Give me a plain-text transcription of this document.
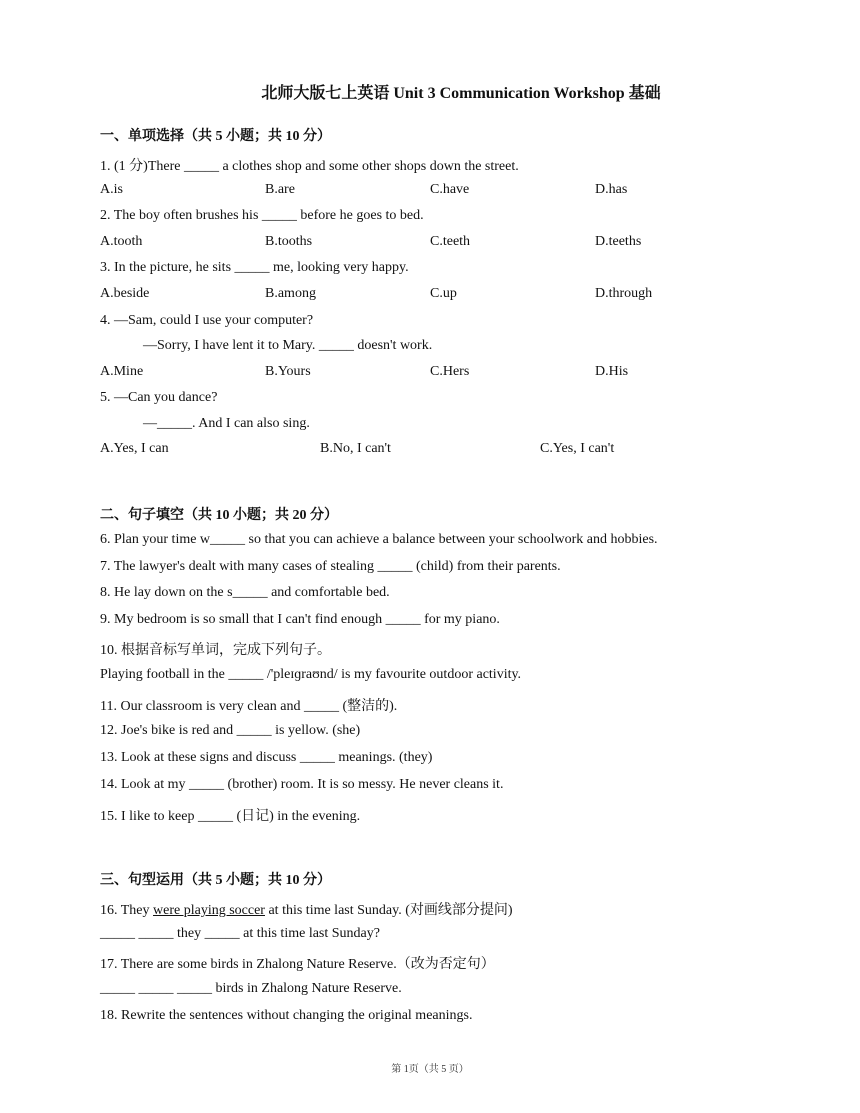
北师大版七上英语 Unit 3 Communication Workshop 基础
一、单项选择（共 5 小题；共 10 分）
1. (1 分)There _____ a clothes shop and some other shops down the street.
A.is	B.are	C.have	D.has
2. The boy often brushes his _____ before he goes to bed.
A.tooth	B.tooths	C.teeth	D.teeths
3. In the picture, he sits _____ me, looking very happy.
A.beside	B.among	C.up	D.through
4. —Sam, could I use your computer?
—Sorry, I have lent it to Mary. _____ doesn't work.
A.Mine	B.Yours	C.Hers	D.His
5. —Can you dance?
—_____. And I can also sing.
A.Yes, I can	B.No, I can't	C.Yes, I can't
二、句子填空（共 10 小题；共 20 分）
6. Plan your time w_____ so that you can achieve a balance between your schoolwork and hobbies.
7. The lawyer's dealt with many cases of stealing _____ (child) from their parents.
8. He lay down on the s_____ and comfortable bed.
9. My bedroom is so small that I can't find enough _____ for my piano.
10. 根据音标写单词，完成下列句子。
Playing football in the _____ /'pleɪɡraʊnd/ is my favourite outdoor activity.
11. Our classroom is very clean and _____ (整洁的).
12. Joe's bike is red and _____ is yellow. (she)
13. Look at these signs and discuss _____ meanings. (they)
14. Look at my _____ (brother) room. It is so messy. He never cleans it.
15. I like to keep _____ (日记) in the evening.
三、句型运用（共 5 小题；共 10 分）
16. They were playing soccer at this time last Sunday. (对画线部分提问)
_____ _____ they _____ at this time last Sunday?
17. There are some birds in Zhalong Nature Reserve.（改为否定句）
_____ _____ _____ birds in Zhalong Nature Reserve.
18. Rewrite the sentences without changing the original meanings.
第 1页（共 5 页）
